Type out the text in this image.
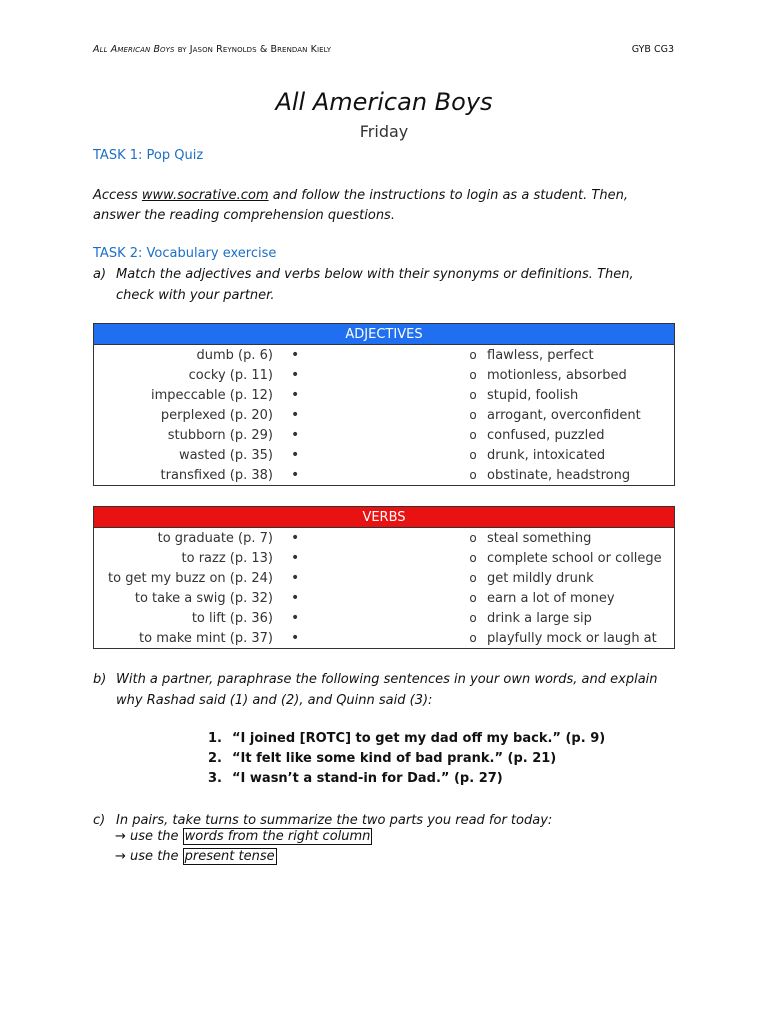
All American Boys by Jason Reynolds & Brendan Kiely	GYB CG3
All American Boys
Friday
TASK 1: Pop Quiz
Access www.socrative.com and follow the instructions to login as a student. Then, answer the reading comprehension questions.
TASK 2: Vocabulary exercise
a) Match the adjectives and verbs below with their synonyms or definitions. Then, check with your partner.
ADJECTIVES				
dumb (p. 6)	•		o	flawless, perfect
cocky (p. 11)	•		o	motionless, absorbed
impeccable (p. 12)	•		o	stupid, foolish
perplexed (p. 20)	•		o	arrogant, overconfident
stubborn (p. 29)	•		o	confused, puzzled
wasted (p. 35)	•		o	drunk, intoxicated
transfixed (p. 38)	•		o	obstinate, headstrong
VERBS				
to graduate (p. 7)	•		o	steal something
to razz (p. 13)	•		o	complete school or college
to get my buzz on (p. 24)	•		o	get mildly drunk
to take a swig (p. 32)	•		o	earn a lot of money
to lift (p. 36)	•		o	drink a large sip
to make mint (p. 37)	•		o	playfully mock or laugh at
b) With a partner, paraphrase the following sentences in your own words, and explain why Rashad said (1) and (2), and Quinn said (3):
1. “I joined [ROTC] to get my dad off my back.” (p. 9)
2. “It felt like some kind of bad prank.” (p. 21)
3. “I wasn’t a stand-in for Dad.” (p. 27)
c) In pairs, take turns to summarize the two parts you read for today:
→ use the words from the right column
→ use the present tense
